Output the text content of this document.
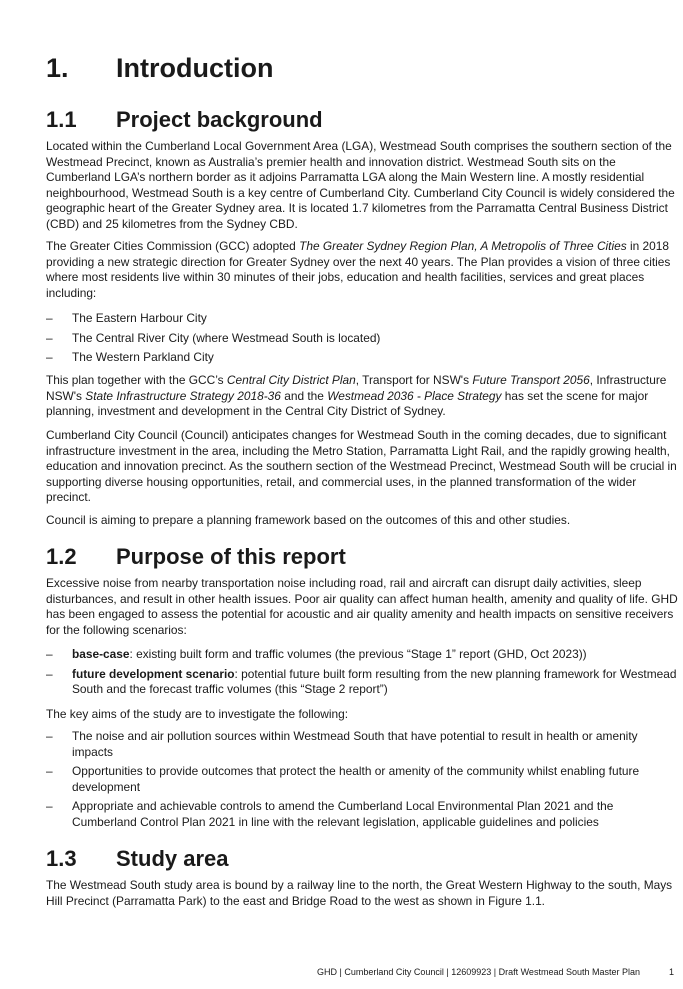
1. Introduction
1.1 Project background

Located within the Cumberland Local Government Area (LGA), Westmead South comprises the southern section of the Westmead Precinct, known as Australia’s premier health and innovation district. Westmead South sits on the Cumberland LGA’s northern border as it adjoins Parramatta LGA along the Main Western line. A mostly residential neighbourhood, Westmead South is a key centre of Cumberland City. Cumberland City Council is widely considered the geographic heart of the Greater Sydney area. It is located 1.7 kilometres from the Parramatta Central Business District (CBD) and 25 kilometres from the Sydney CBD.

The Greater Cities Commission (GCC) adopted The Greater Sydney Region Plan, A Metropolis of Three Cities in 2018 providing a new strategic direction for Greater Sydney over the next 40 years. The Plan provides a vision of three cities where most residents live within 30 minutes of their jobs, education and health facilities, services and great places including:

– The Eastern Harbour City
– The Central River City (where Westmead South is located)
– The Western Parkland City

This plan together with the GCC’s Central City District Plan, Transport for NSW's Future Transport 2056, Infrastructure NSW's State Infrastructure Strategy 2018-36 and the Westmead 2036 - Place Strategy has set the scene for major planning, investment and development in the Central City District of Sydney.

Cumberland City Council (Council) anticipates changes for Westmead South in the coming decades, due to significant infrastructure investment in the area, including the Metro Station, Parramatta Light Rail, and the rapidly growing health, education and innovation precinct. As the southern section of the Westmead Precinct, Westmead South will be crucial in supporting diverse housing opportunities, retail, and commercial uses, in the planned transformation of the wider precinct.

Council is aiming to prepare a planning framework based on the outcomes of this and other studies.

1.2 Purpose of this report

Excessive noise from nearby transportation noise including road, rail and aircraft can disrupt daily activities, sleep disturbances, and result in other health issues. Poor air quality can affect human health, amenity and quality of life. GHD has been engaged to assess the potential for acoustic and air quality amenity and health impacts on sensitive receivers for the following scenarios:

– base-case: existing built form and traffic volumes (the previous “Stage 1” report (GHD, Oct 2023))
– future development scenario: potential future built form resulting from the new planning framework for Westmead South and the forecast traffic volumes (this “Stage 2 report”)

The key aims of the study are to investigate the following:

– The noise and air pollution sources within Westmead South that have potential to result in health or amenity impacts
– Opportunities to provide outcomes that protect the health or amenity of the community whilst enabling future development
– Appropriate and achievable controls to amend the Cumberland Local Environmental Plan 2021 and the Cumberland Control Plan 2021 in line with the relevant legislation, applicable guidelines and policies
1.3 Study area

The Westmead South study area is bound by a railway line to the north, the Great Western Highway to the south, Mays Hill Precinct (Parramatta Park) to the east and Bridge Road to the west as shown in Figure 1.1.

GHD | Cumberland City Council | 12609923 | Draft Westmead South Master Plan	1
